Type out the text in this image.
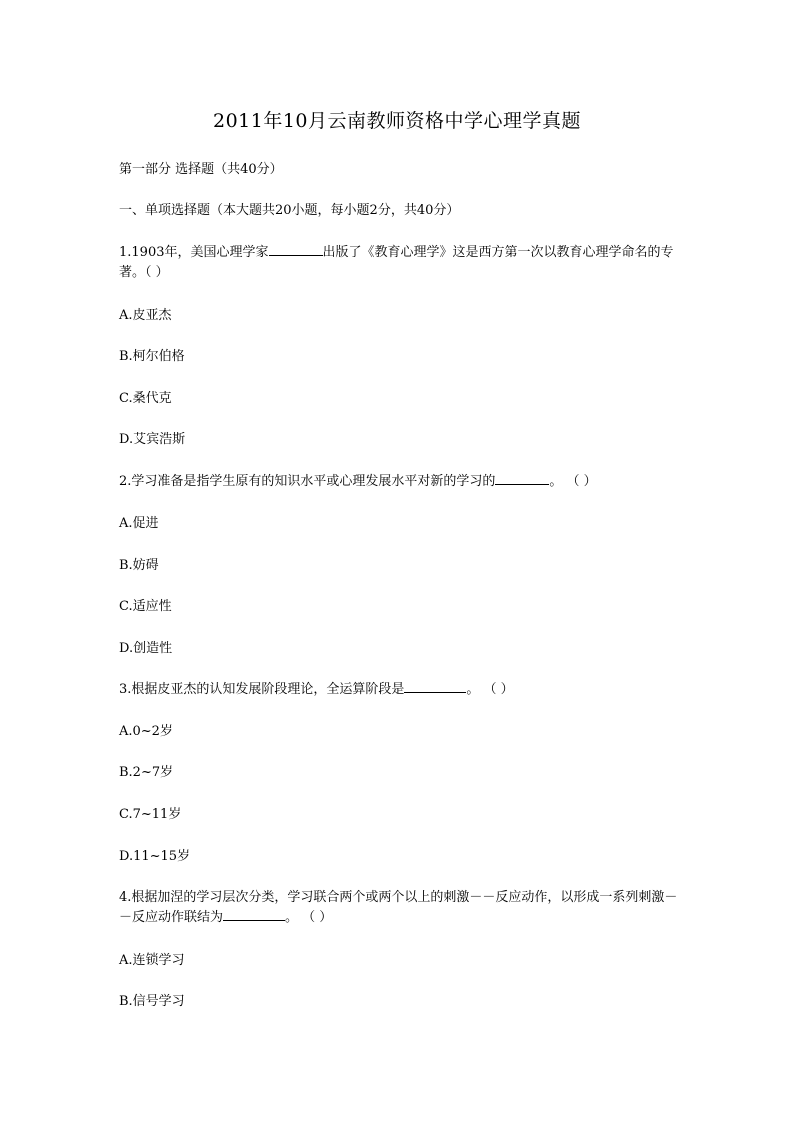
2011年10月云南教师资格中学心理学真题
第一部分 选择题（共40分）
一、单项选择题（本大题共20小题，每小题2分，共40分）
1.1903年，美国心理学家	出版了《教育心理学》这是西方第一次以教育心理学命名的专著。（ ）
A.皮亚杰
B.柯尔伯格
C.桑代克
D.艾宾浩斯
2.学习准备是指学生原有的知识水平或心理发展水平对新的学习的	。 （ ）
A.促进
B.妨碍
C.适应性
D.创造性
3.根据皮亚杰的认知发展阶段理论，全运算阶段是	。 （ ）
A.0~2岁
B.2~7岁
C.7~11岁
D.11~15岁
4.根据加涅的学习层次分类，学习联合两个或两个以上的刺激－－反应动作，以形成一系列刺激－－反应动作联结为	。 （ ）
A.连锁学习
B.信号学习
